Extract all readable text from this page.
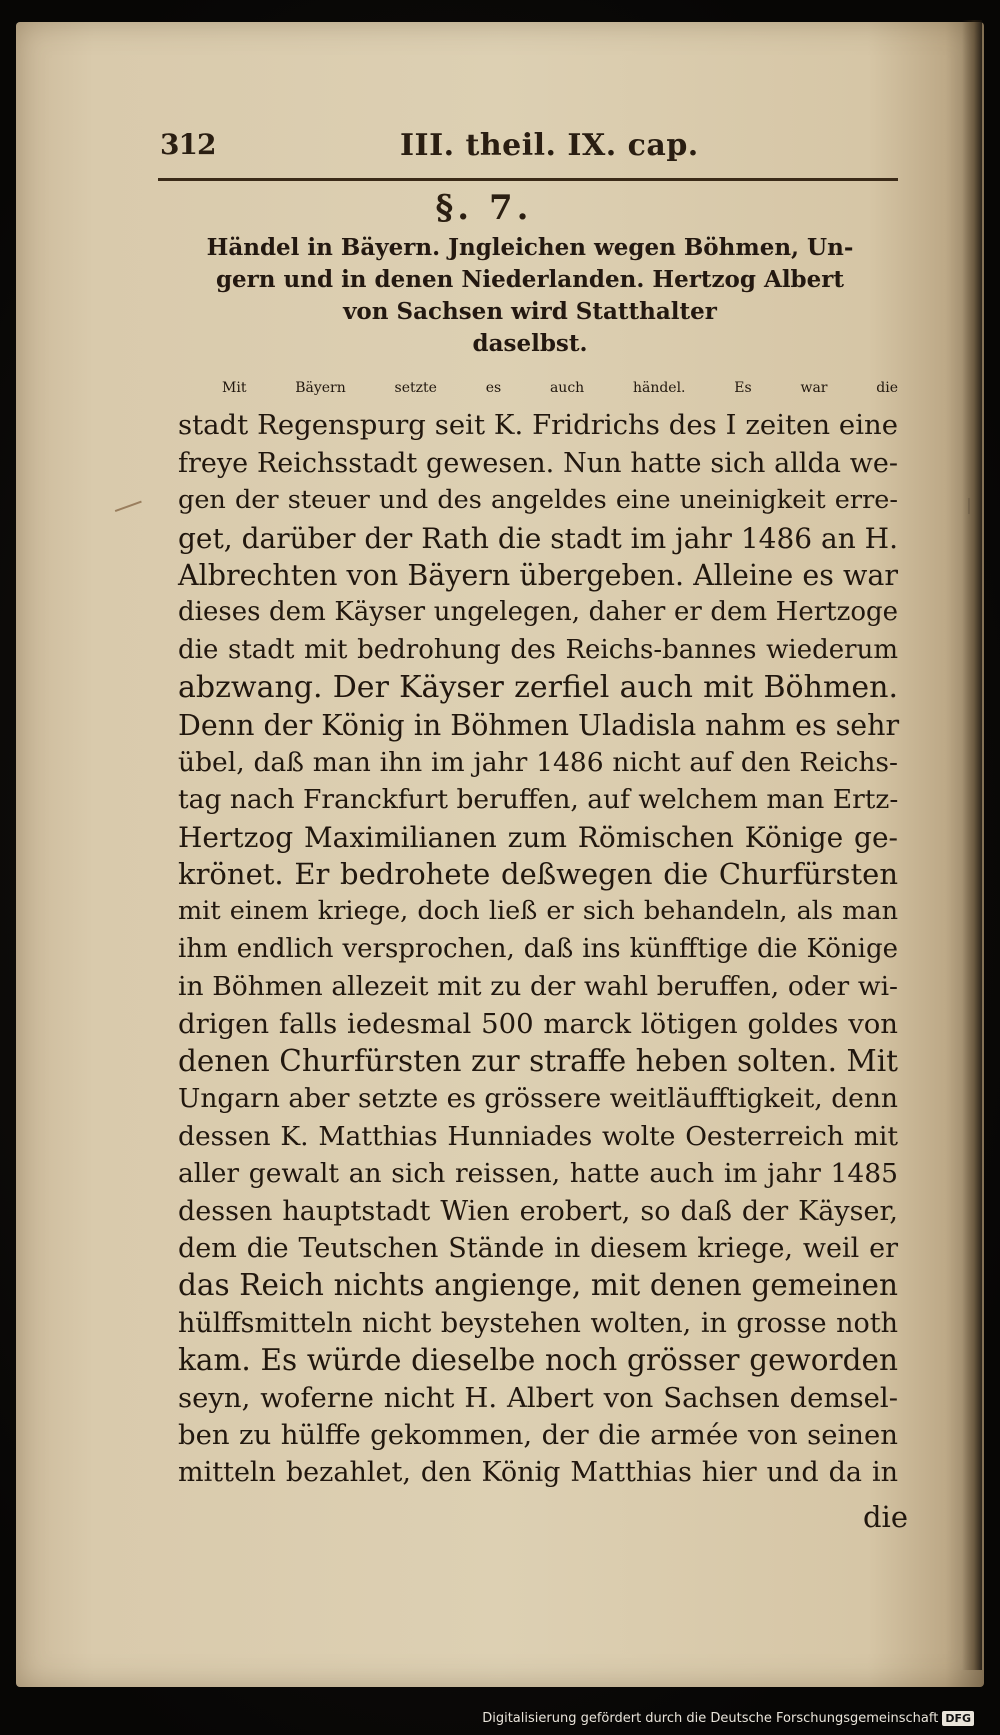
312	III. theil. IX. cap.
§. 7.
Händel in Bäyern. Jngleichen wegen Böhmen, Un-
gern und in denen Niederlanden. Hertzog Albert
von Sachsen wird Statthalter
daselbst.
Mit Bäyern setzte es auch händel. Es war die
stadt Regenspurg seit K. Fridrichs des I zeiten eine
freye Reichsstadt gewesen. Nun hatte sich allda we-
gen der steuer und des angeldes eine uneinigkeit erre-
get, darüber der Rath die stadt im jahr 1486 an H.
Albrechten von Bäyern übergeben. Alleine es war
dieses dem Käyser ungelegen, daher er dem Hertzoge
die stadt mit bedrohung des Reichs-bannes wiederum
abzwang. Der Käyser zerfiel auch mit Böhmen.
Denn der König in Böhmen Uladisla nahm es sehr
übel, daß man ihn im jahr 1486 nicht auf den Reichs-
tag nach Franckfurt beruffen, auf welchem man Ertz-
Hertzog Maximilianen zum Römischen Könige ge-
krönet. Er bedrohete deßwegen die Churfürsten
mit einem kriege, doch ließ er sich behandeln, als man
ihm endlich versprochen, daß ins künfftige die Könige
in Böhmen allezeit mit zu der wahl beruffen, oder wi-
drigen falls iedesmal 500 marck lötigen goldes von
denen Churfürsten zur straffe heben solten. Mit
Ungarn aber setzte es grössere weitläufftigkeit, denn
dessen K. Matthias Hunniades wolte Oesterreich mit
aller gewalt an sich reissen, hatte auch im jahr 1485
dessen hauptstadt Wien erobert, so daß der Käyser,
dem die Teutschen Stände in diesem kriege, weil er
das Reich nichts angienge, mit denen gemeinen
hülffsmitteln nicht beystehen wolten, in grosse noth
kam. Es würde dieselbe noch grösser geworden
seyn, woferne nicht H. Albert von Sachsen demsel-
ben zu hülffe gekommen, der die armée von seinen
mitteln bezahlet, den König Matthias hier und da in
die
Digitalisierung gefördert durch die Deutsche Forschungsgemeinschaft DFG
